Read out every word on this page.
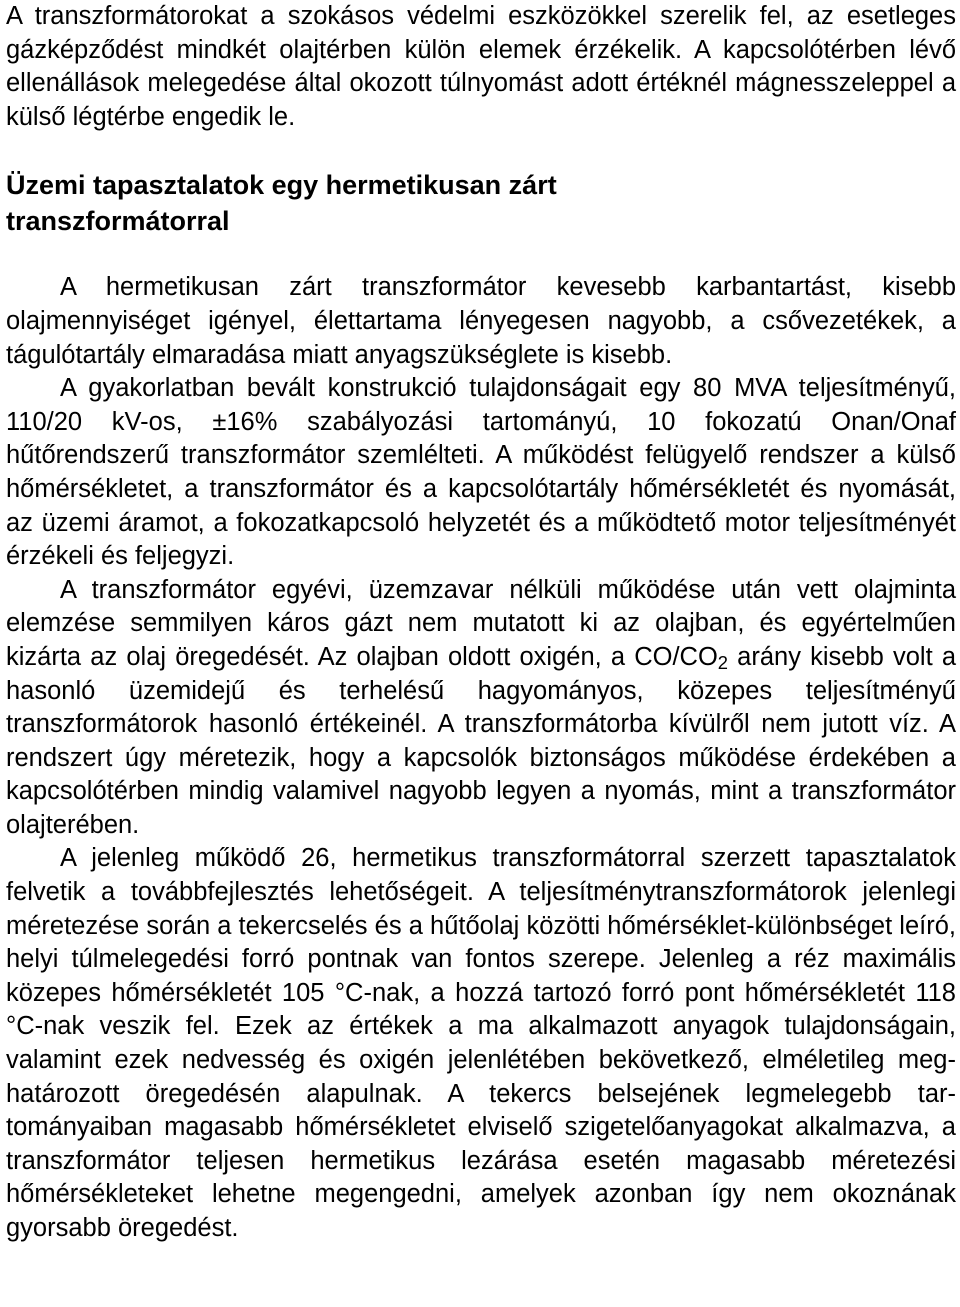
A transzformátorokat a szokásos védelmi eszközökkel szerelik fel, az esetleges gázképződést mindkét olajtérben külön elemek érzékelik. A kapcsolótérben lévő ellenállások melegedése által okozott túlnyomást adott értéknél mágnesszeleppel a külső légtérbe engedik le.

Üzemi tapasztalatok egy hermetikusan zárt transzformátorral

A hermetikusan zárt transzformátor kevesebb karbantartást, kisebb olajmennyiséget igényel, élettartama lényegesen nagyobb, a csővezetékek, a tágulótartály elmaradása miatt anyagszükséglete is kisebb.

A gyakorlatban bevált konstrukció tulajdonságait egy 80 MVA teljesítményű, 110/20 kV-os, ±16% szabályozási tartományú, 10 fokozatú Onan/Onaf hűtőrendszerű transzformátor szemlélteti. A működést felügyelő rendszer a külső hőmérsékletet, a transzformátor és a kapcsolótartály hőmérsékletét és nyomását, az üzemi áramot, a fokozatkapcsoló helyzetét és a működtető motor teljesítményét érzékeli és feljegyzi.

A transzformátor egyévi, üzemzavar nélküli működése után vett olajminta elemzése semmilyen káros gázt nem mutatott ki az olajban, és egyértelműen kizárta az olaj öregedését. Az olajban oldott oxigén, a $CO/CO_2$ arány kisebb volt a hasonló üzemidejű és terhelésű hagyományos, közepes teljesítményű transzformátorok hasonló értékeinél. A transzformátorba kívülről nem jutott víz. A rendszert úgy méretezik, hogy a kapcsolók biztonságos működése érdekében a kapcsolótérben mindig valamivel nagyobb legyen a nyomás, mint a transzformátor olajterében.

A jelenleg működő 26, hermetikus transzformátorral szerzett tapasztalatok felvetik a továbbfejlesztés lehetőségeit. A teljesítménytranszformátorok jelenlegi méretezése során a tekercselés és a hűtőolaj közötti hőmérséklet-különbséget leíró, helyi túlmelegedési forró pontnak van fontos szerepe. Jelenleg a réz maximális közepes hőmérsékletét 105 °C-nak, a hozzá tartozó forró pont hőmérsékletét 118 °C-nak veszik fel. Ezek az értékek a ma alkalmazott anyagok tulajdonságain, valamint ezek nedvesség és oxigén jelenlétében bekövetkező, elméletileg meghatározott öregedésén alapulnak. A tekercs belsejének legmelegebb tartományaiban magasabb hőmérsékletet elviselő szigetelőanyagokat alkalmazva, a transzformátor teljesen hermetikus lezárása esetén magasabb méretezési hőmérsékleteket lehetne megengedni, amelyek azonban így nem okoznának gyorsabb öregedést.
